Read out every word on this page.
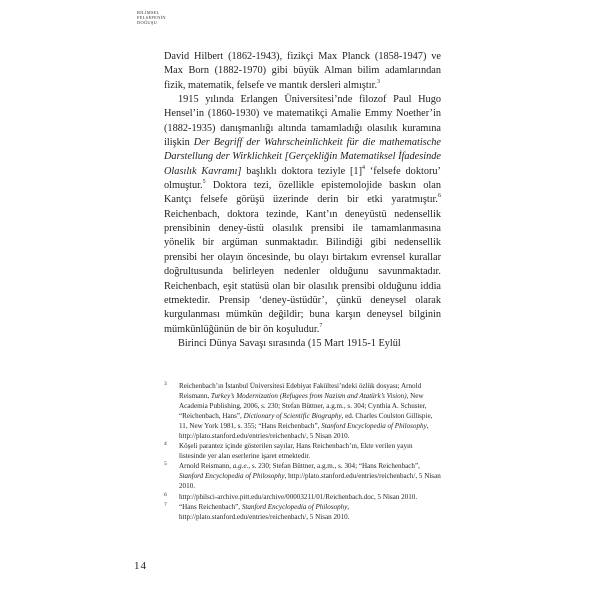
BİLİMSEL
FELSEFENİN
DOĞUŞU

David Hilbert (1862-1943), fizikçi Max Planck (1858-1947) ve Max Born (1882-1970) gibi büyük Alman bilim adamlarından fizik, matematik, felsefe ve mantık dersleri almıştır.$^3$

1915 yılında Erlangen Üniversitesi’nde filozof Paul Hugo Hensel’in (1860-1930) ve matematikçi Amalie Emmy Noether’in (1882-1935) danışmanlığı altında tamamladığı olasılık kuramına ilişkin Der Begriff der Wahrscheinlichkeit für die mathematische Darstellung der Wirklichkeit [Gerçekliğin Matematiksel İfadesinde Olasılık Kavramı] başlıklı doktora teziyle $[1]^4$ ‘felsefe doktoru’ olmuştur.$^5$ Doktora tezi, özellikle epistemolojide baskın olan Kantçı felsefe görüşü üzerinde derin bir etki yaratmıştır.$^6$ Reichenbach, doktora tezinde, Kant’ın deneyüstü nedensellik prensibinin deney-üstü olasılık prensibi ile tamamlanmasına yönelik bir argüman sunmaktadır. Bilindiği gibi nedensellik prensibi her olayın öncesinde, bu olayı birtakım evrensel kurallar doğrultusunda belirleyen nedenler olduğunu savunmaktadır. Reichenbach, eşit statüsü olan bir olasılık prensibi olduğunu iddia etmektedir. Prensip ‘deney-üstüdür’, çünkü deneysel olarak kurgulanması mümkün değildir; buna karşın deneysel bilginin mümkünlüğünün de bir ön koşuludur.$^7$

Birinci Dünya Savaşı sırasında (15 Mart 1915-1 Eylül

3	Reichenbach’ın İstanbul Üniversitesi Edebiyat Fakültesi’ndeki özlük dosyası; Arnold Reismann, Turkey’s Modernization (Refugees from Nazism and Atatürk’s Vision), New Academia Publishing, 2006, s. 230; Stefan Büttner, a.g.m., s. 304; Cynthia A. Schuster, “Reichenbach, Hans”, Dictionary of Scientific Biography, ed. Charles Coulston Gillispie, 11, New York 1981, s. 355; “Hans Reichenbach”, Stanford Encyclopedia of Philosophy, http://plato.stanford.edu/entries/reichenbach/, 5 Nisan 2010.
4	Köşeli parantez içinde gösterilen sayılar, Hans Reichenbach’ın, Ekte verilen yayın listesinde yer alan eserlerine işaret etmektedir.
5	Arnold Reismann, a.g.e., s. 230; Stefan Büttner, a.g.m., s. 304; “Hans Reichenbach”, Stanford Encyclopedia of Philosophy, http://plato.stanford.edu/entries/reichenbach/, 5 Nisan 2010.
6	http://philsci-archive.pitt.edu/archive/00003211/01/Reichenbach.doc, 5 Nisan 2010.
7	“Hans Reichenbach”, Stanford Encyclopedia of Philosophy, http://plato.stanford.edu/entries/reichenbach/, 5 Nisan 2010.
14
